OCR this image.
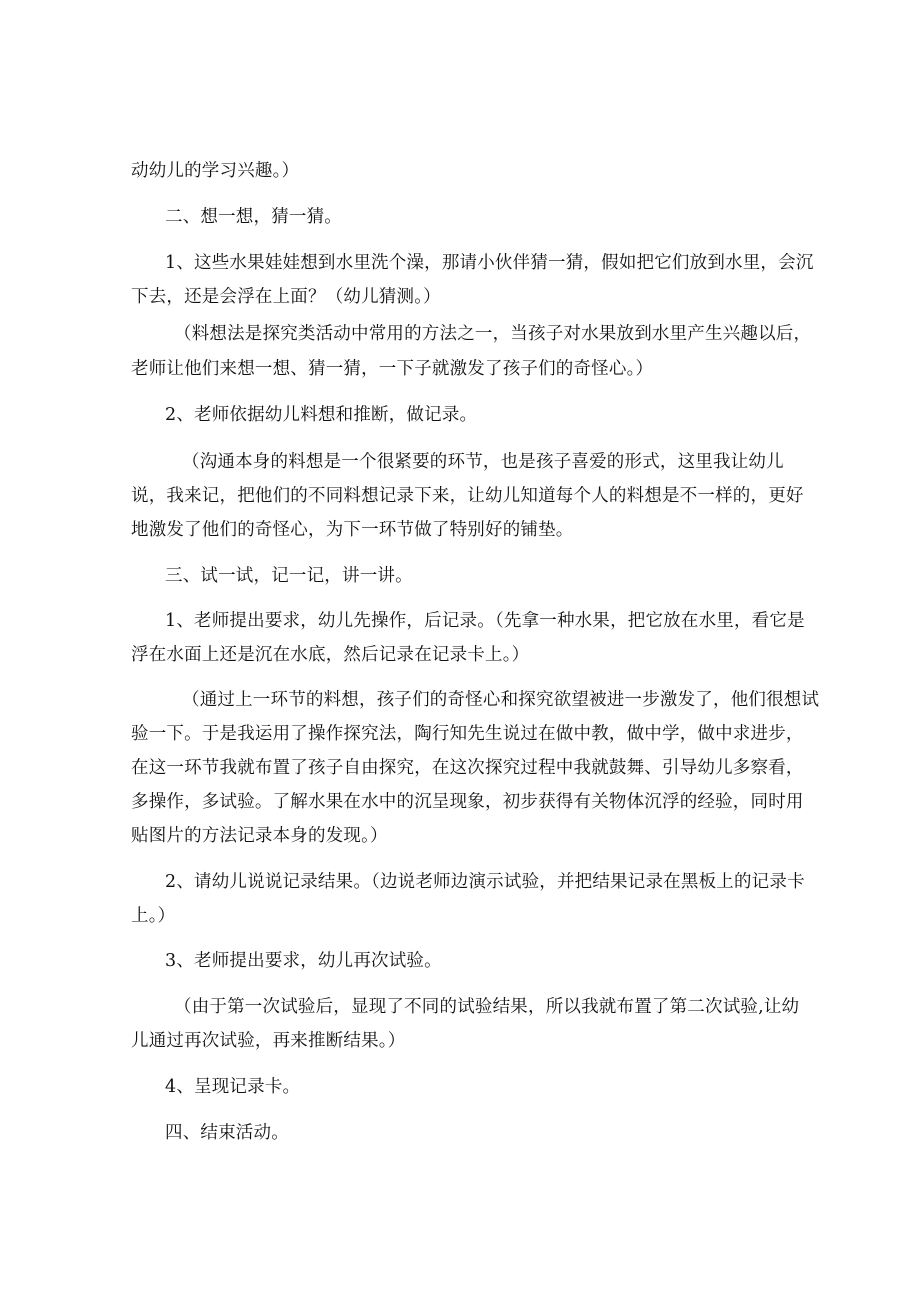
动幼儿的学习兴趣。）
二、想一想，猜一猜。
1、这些水果娃娃想到水里洗个澡，那请小伙伴猜一猜，假如把它们放到水里，会沉
下去，还是会浮在上面？（幼儿猜测。）
（料想法是探究类活动中常用的方法之一，当孩子对水果放到水里产生兴趣以后，
老师让他们来想一想、猜一猜，一下子就激发了孩子们的奇怪心。）
2、老师依据幼儿料想和推断，做记录。
（沟通本身的料想是一个很紧要的环节，也是孩子喜爱的形式，这里我让幼儿
说，我来记，把他们的不同料想记录下来，让幼儿知道每个人的料想是不一样的，更好
地激发了他们的奇怪心，为下一环节做了特别好的铺垫。
三、试一试，记一记，讲一讲。
1、老师提出要求，幼儿先操作，后记录。（先拿一种水果，把它放在水里，看它是
浮在水面上还是沉在水底，然后记录在记录卡上。）
（通过上一环节的料想，孩子们的奇怪心和探究欲望被进一步激发了，他们很想试
验一下。于是我运用了操作探究法，陶行知先生说过在做中教，做中学，做中求进步，
在这一环节我就布置了孩子自由探究，在这次探究过程中我就鼓舞、引导幼儿多察看，
多操作，多试验。了解水果在水中的沉呈现象，初步获得有关物体沉浮的经验，同时用
贴图片的方法记录本身的发现。）
2、请幼儿说说记录结果。（边说老师边演示试验，并把结果记录在黑板上的记录卡
上。）
3、老师提出要求，幼儿再次试验。
（由于第一次试验后，显现了不同的试验结果，所以我就布置了第二次试验,让幼
儿通过再次试验，再来推断结果。）
4、呈现记录卡。
四、结束活动。
